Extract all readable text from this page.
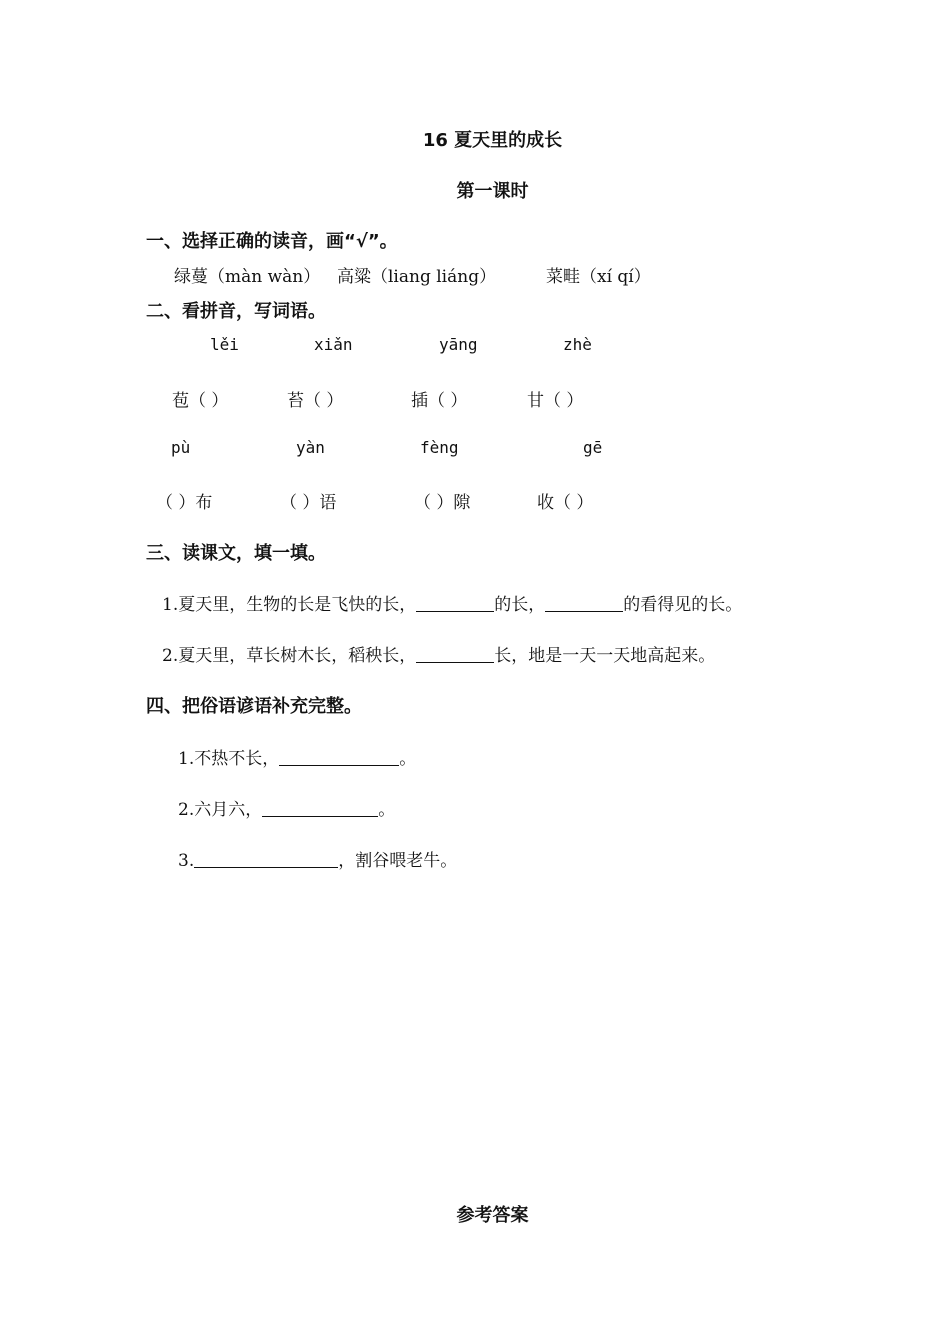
16 夏天里的成长
第一课时
一、选择正确的读音，画“√”。
绿蔓（màn wàn） 高粱（liang liáng）	菜畦（xí qí）
二、看拼音，写词语。
lěi	xiǎn	yāng	zhè
苞（ ）	苔（ ）	插（ ）	甘（ ）
pù	yàn	fèng	gē
（ ）布	（ ）语	（ ）隙	收（ ）
三、读课文，填一填。
1.夏天里，生物的长是飞快的长，	的长，	的看得见的长。
2.夏天里，草长树木长，稻秧长，	长，地是一天一天地高起来。
四、把俗语谚语补充完整。
1.不热不长，	。
2.六月六，	。
3.	，割谷喂老牛。
参考答案
